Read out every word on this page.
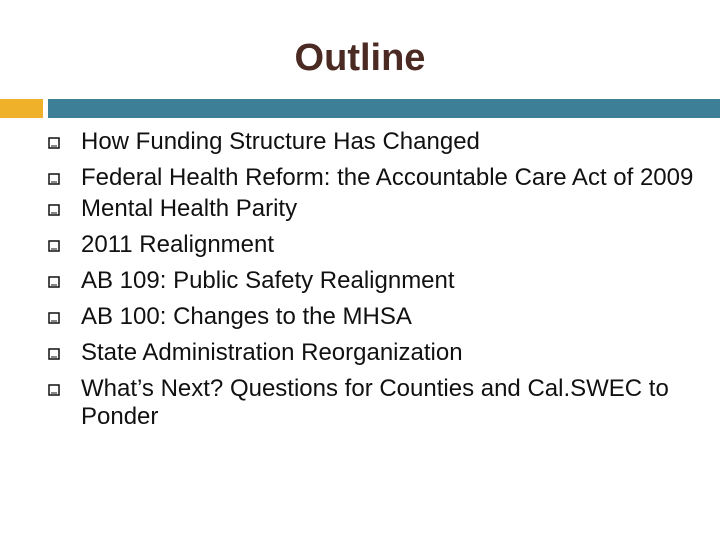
Outline
How Funding Structure Has Changed
Federal Health Reform: the Accountable Care Act of 2009
Mental Health Parity
2011 Realignment
AB 109: Public Safety Realignment
AB 100: Changes to the MHSA
State Administration Reorganization
What’s Next? Questions for Counties and Cal.SWEC to Ponder
